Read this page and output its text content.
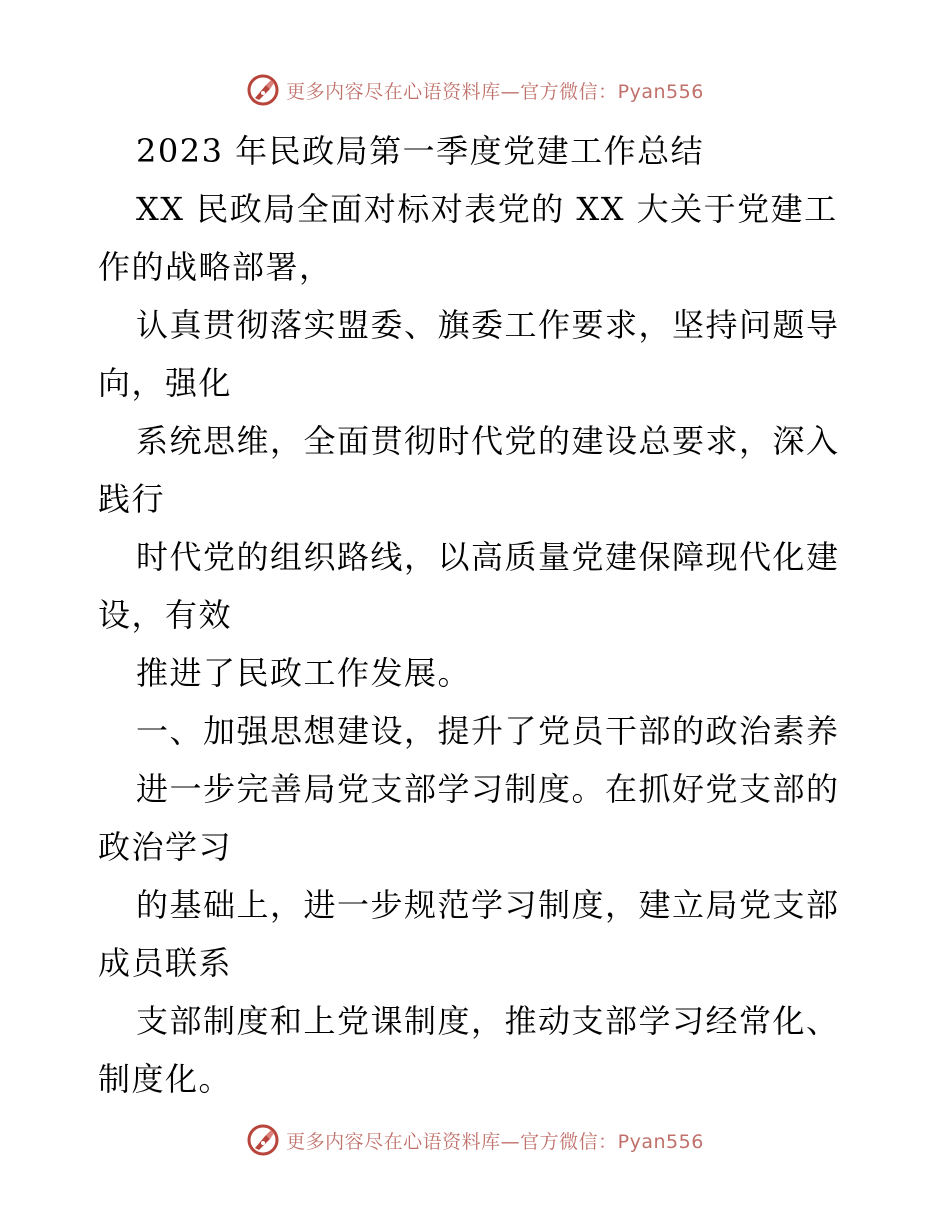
更多内容尽在心语资料库—官方微信：Pyan556
2023 年民政局第一季度党建工作总结
XX 民政局全面对标对表党的 XX 大关于党建工
作的战略部署，
认真贯彻落实盟委、旗委工作要求，坚持问题导
向，强化
系统思维，全面贯彻时代党的建设总要求，深入
践行
时代党的组织路线，以高质量党建保障现代化建
设，有效
推进了民政工作发展。
一、加强思想建设，提升了党员干部的政治素养
进一步完善局党支部学习制度。在抓好党支部的
政治学习
的基础上，进一步规范学习制度，建立局党支部
成员联系
支部制度和上党课制度，推动支部学习经常化、
制度化。
更多内容尽在心语资料库—官方微信：Pyan556
